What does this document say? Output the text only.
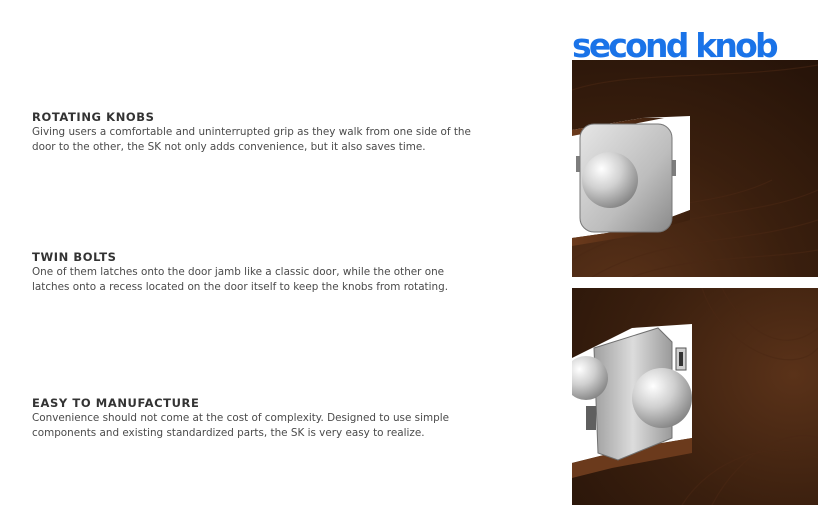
ROTATING KNOBS

Giving users a comfortable and uninterrupted grip as they walk from one side of the door to the other, the SK not only adds convenience, but it also saves time.

TWIN BOLTS

One of them latches onto the door jamb like a classic door, while the other one latches onto a recess located on the door itself to keep the knobs from rotating.

EASY TO MANUFACTURE

Convenience should not come at the cost of complexity. Designed to use simple components and existing standardized parts, the SK is very easy to realize.

second knob
